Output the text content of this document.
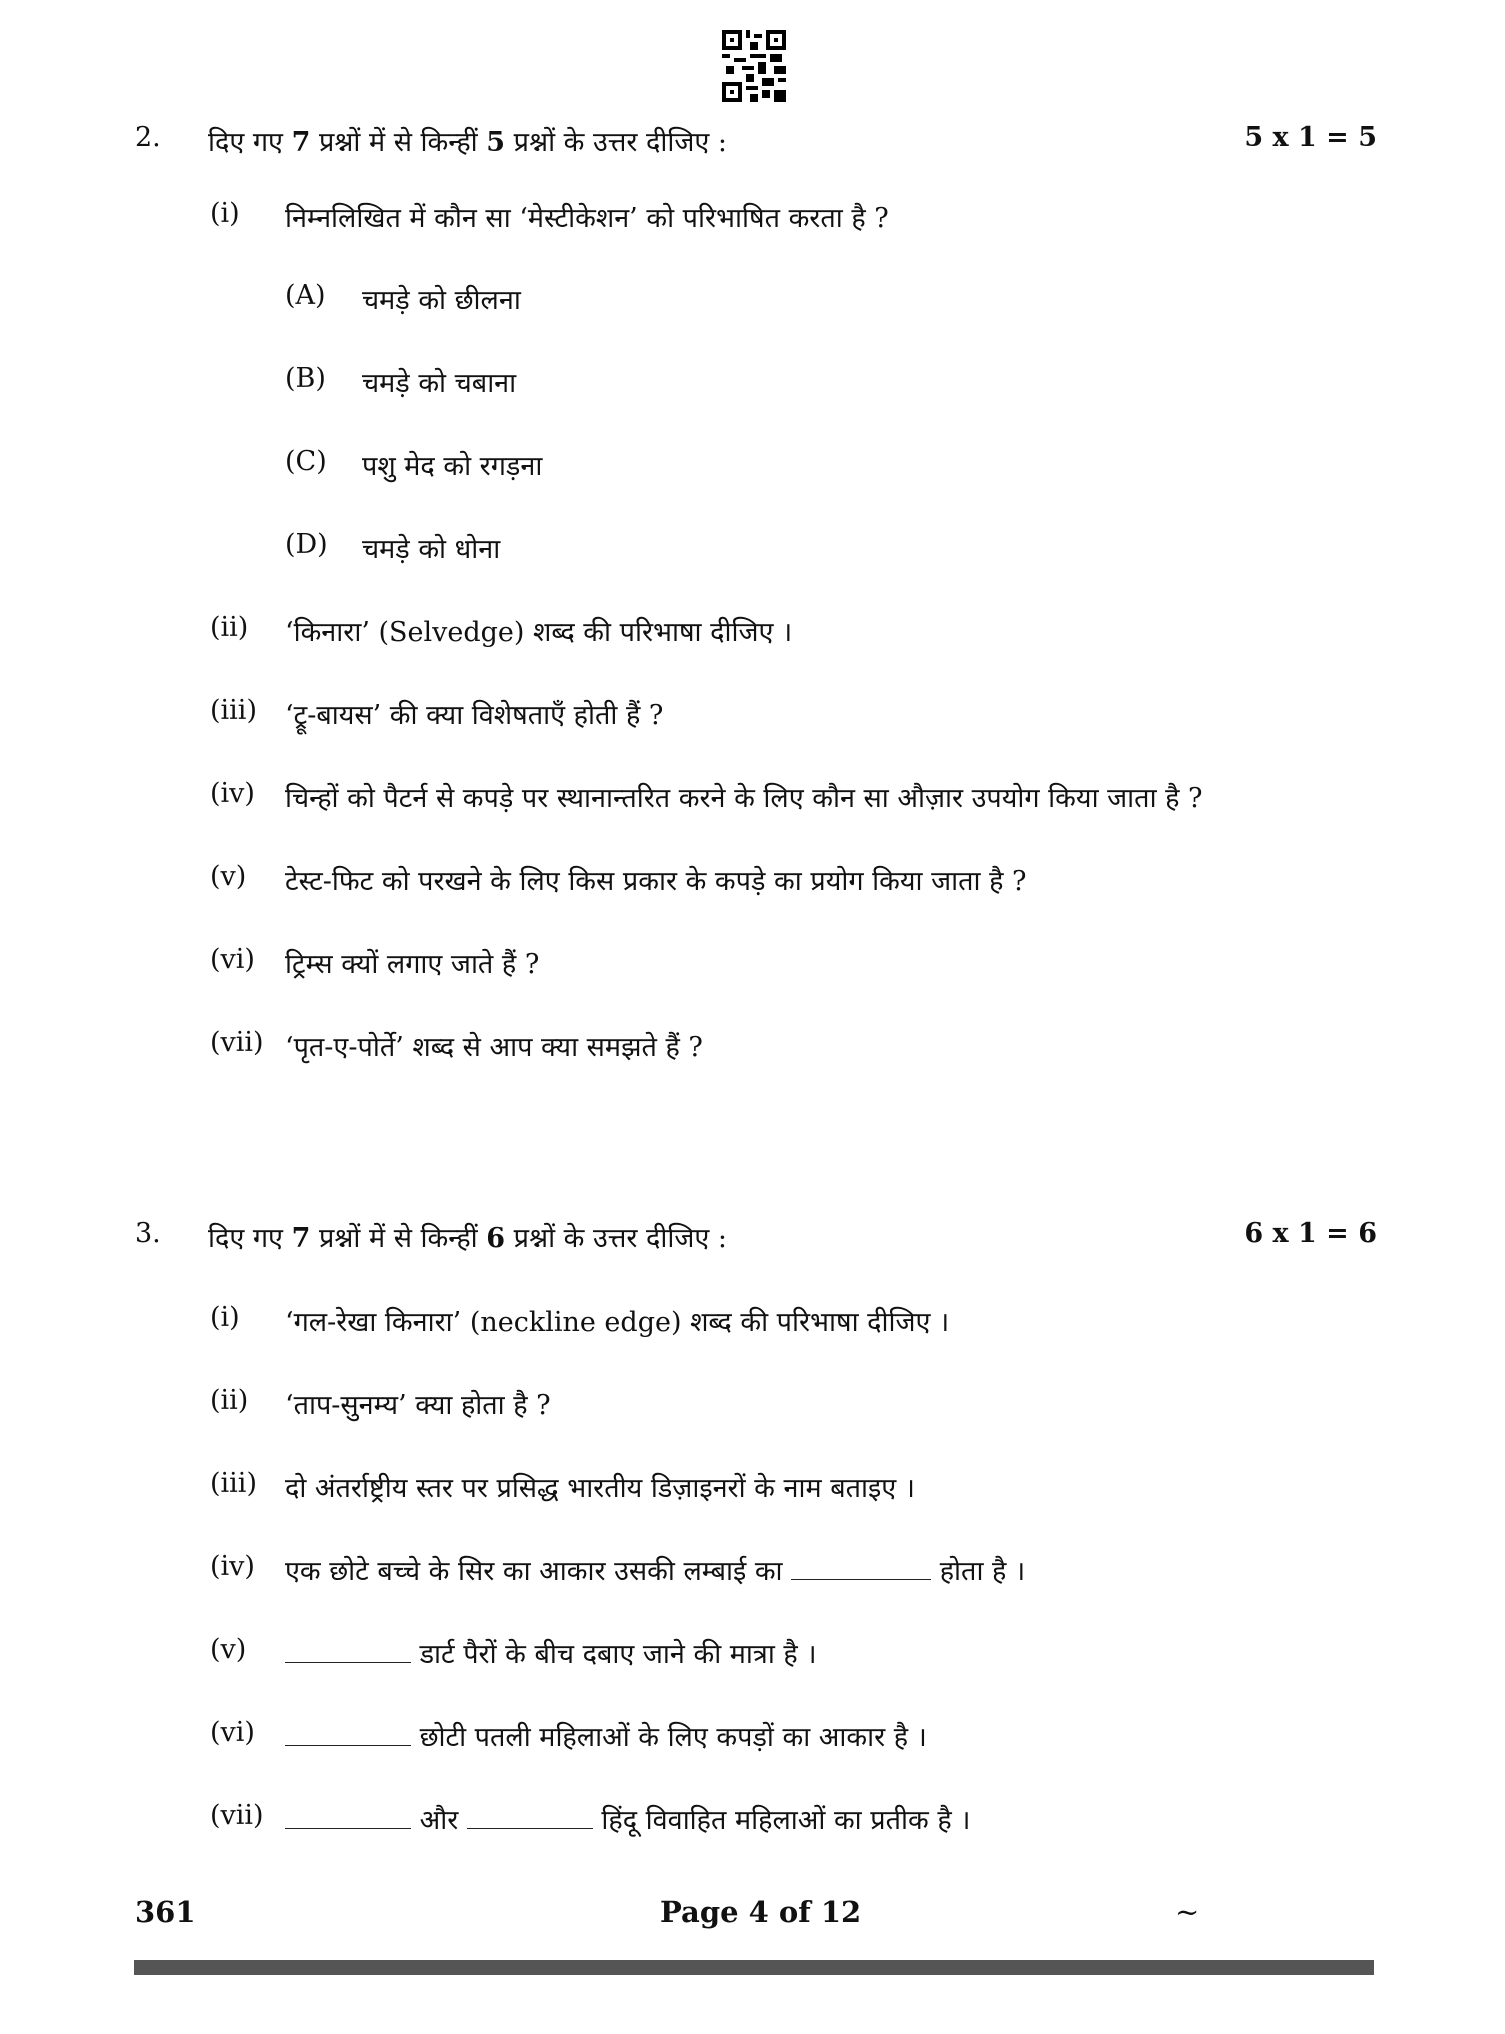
2. दिए गए 7 प्रश्नों में से किन्हीं 5 प्रश्नों के उत्तर दीजिए :	5 x 1 = 5
(i) निम्नलिखित में कौन सा ‘मेस्टीकेशन’ को परिभाषित करता है ?
(A) चमड़े को छीलना
(B) चमड़े को चबाना
(C) पशु मेद को रगड़ना
(D) चमड़े को धोना
(ii) ‘किनारा’ (Selvedge) शब्द की परिभाषा दीजिए ।
(iii) ‘ट्रू-बायस’ की क्या विशेषताएँ होती हैं ?
(iv) चिन्हों को पैटर्न से कपड़े पर स्थानान्तरित करने के लिए कौन सा औज़ार उपयोग किया जाता है ?
(v) टेस्ट-फिट को परखने के लिए किस प्रकार के कपड़े का प्रयोग किया जाता है ?
(vi) ट्रिम्स क्यों लगाए जाते हैं ?
(vii) ‘पृत-ए-पोर्ते’ शब्द से आप क्या समझते हैं ?
3. दिए गए 7 प्रश्नों में से किन्हीं 6 प्रश्नों के उत्तर दीजिए :	6 x 1 = 6
(i) ‘गल-रेखा किनारा’ (neckline edge) शब्द की परिभाषा दीजिए ।
(ii) ‘ताप-सुनम्य’ क्या होता है ?
(iii) दो अंतर्राष्ट्रीय स्तर पर प्रसिद्ध भारतीय डिज़ाइनरों के नाम बताइए ।
(iv) एक छोटे बच्चे के सिर का आकार उसकी लम्बाई का	होता है ।
(v)	डार्ट पैरों के बीच दबाए जाने की मात्रा है ।
(vi)	छोटी पतली महिलाओं के लिए कपड़ों का आकार है ।
(vii)	और	हिंदू विवाहित महिलाओं का प्रतीक है ।
361	Page 4 of 12	~
